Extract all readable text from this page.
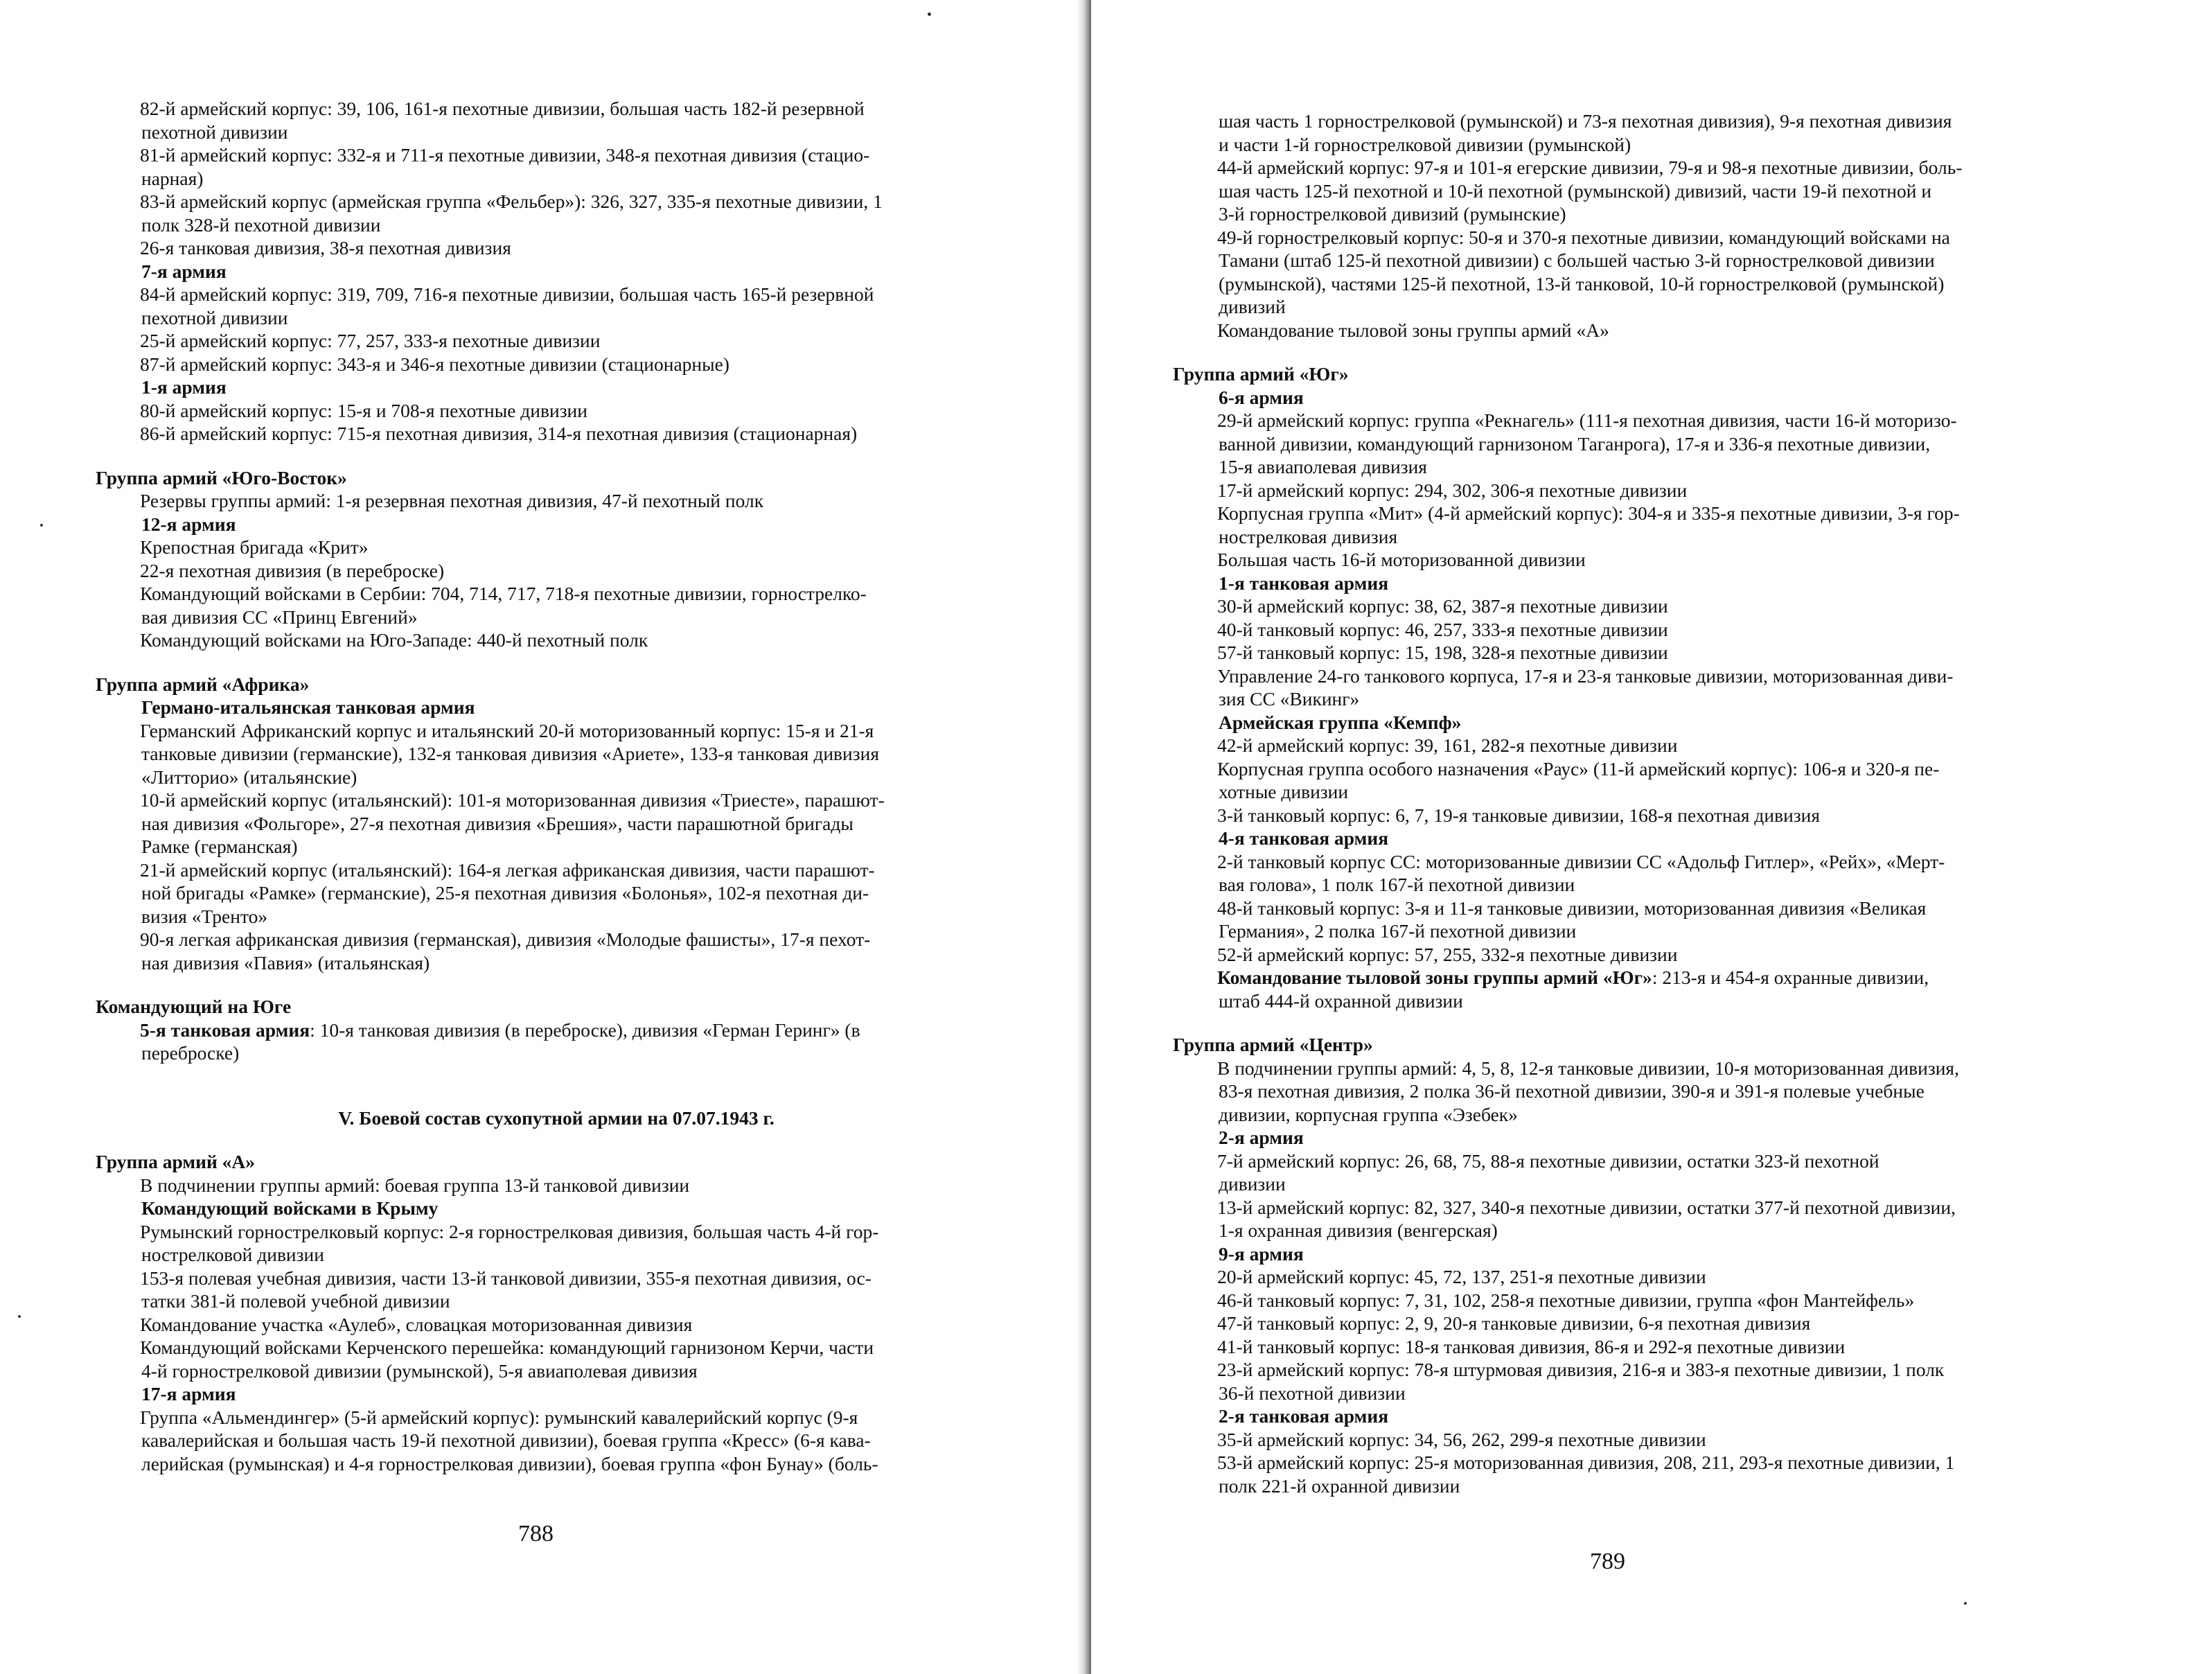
82-й армейский корпус: 39, 106, 161-я пехотные дивизии, большая часть 182-й резервной
пехотной дивизии
81-й армейский корпус: 332-я и 711-я пехотные дивизии, 348-я пехотная дивизия (стацио-
нарная)
83-й армейский корпус (армейская группа «Фельбер»): 326, 327, 335-я пехотные дивизии, 1
полк 328-й пехотной дивизии
26-я танковая дивизия, 38-я пехотная дивизия
7-я армия
84-й армейский корпус: 319, 709, 716-я пехотные дивизии, большая часть 165-й резервной
пехотной дивизии
25-й армейский корпус: 77, 257, 333-я пехотные дивизии
87-й армейский корпус: 343-я и 346-я пехотные дивизии (стационарные)
1-я армия
80-й армейский корпус: 15-я и 708-я пехотные дивизии
86-й армейский корпус: 715-я пехотная дивизия, 314-я пехотная дивизия (стационарная)
Группа армий «Юго-Восток»
Резервы группы армий: 1-я резервная пехотная дивизия, 47-й пехотный полк
12-я армия
Крепостная бригада «Крит»
22-я пехотная дивизия (в переброске)
Командующий войсками в Сербии: 704, 714, 717, 718-я пехотные дивизии, горнострелко-
вая дивизия СС «Принц Евгений»
Командующий войсками на Юго-Западе: 440-й пехотный полк
Группа армий «Африка»
Германо-итальянская танковая армия
Германский Африканский корпус и итальянский 20-й моторизованный корпус: 15-я и 21-я
танковые дивизии (германские), 132-я танковая дивизия «Ариете», 133-я танковая дивизия
«Литторио» (итальянские)
10-й армейский корпус (итальянский): 101-я моторизованная дивизия «Триесте», парашют-
ная дивизия «Фольгоре», 27-я пехотная дивизия «Брешия», части парашютной бригады
Рамке (германская)
21-й армейский корпус (итальянский): 164-я легкая африканская дивизия, части парашют-
ной бригады «Рамке» (германские), 25-я пехотная дивизия «Болонья», 102-я пехотная ди-
визия «Тренто»
90-я легкая африканская дивизия (германская), дивизия «Молодые фашисты», 17-я пехот-
ная дивизия «Павия» (итальянская)
Командующий на Юге
5-я танковая армия: 10-я танковая дивизия (в переброске), дивизия «Герман Геринг» (в
переброске)
V. Боевой состав сухопутной армии на 07.07.1943 г.
Группа армий «А»
В подчинении группы армий: боевая группа 13-й танковой дивизии
Командующий войсками в Крыму
Румынский горнострелковый корпус: 2-я горнострелковая дивизия, большая часть 4-й гор-
нострелковой дивизии
153-я полевая учебная дивизия, части 13-й танковой дивизии, 355-я пехотная дивизия, ос-
татки 381-й полевой учебной дивизии
Командование участка «Аулеб», словацкая моторизованная дивизия
Командующий войсками Керченского перешейка: командующий гарнизоном Керчи, части
4-й горнострелковой дивизии (румынской), 5-я авиаполевая дивизия
17-я армия
Группа «Альмендингер» (5-й армейский корпус): румынский кавалерийский корпус (9-я
кавалерийская и большая часть 19-й пехотной дивизии), боевая группа «Кресс» (6-я кава-
лерийская (румынская) и 4-я горнострелковая дивизии), боевая группа «фон Бунау» (боль-
788
шая часть 1 горнострелковой (румынской) и 73-я пехотная дивизия), 9-я пехотная дивизия
и части 1-й горнострелковой дивизии (румынской)
44-й армейский корпус: 97-я и 101-я егерские дивизии, 79-я и 98-я пехотные дивизии, боль-
шая часть 125-й пехотной и 10-й пехотной (румынской) дивизий, части 19-й пехотной и
3-й горнострелковой дивизий (румынские)
49-й горнострелковый корпус: 50-я и 370-я пехотные дивизии, командующий войсками на
Тамани (штаб 125-й пехотной дивизии) с большей частью 3-й горнострелковой дивизии
(румынской), частями 125-й пехотной, 13-й танковой, 10-й горнострелковой (румынской)
дивизий
Командование тыловой зоны группы армий «А»
Группа армий «Юг»
6-я армия
29-й армейский корпус: группа «Рекнагель» (111-я пехотная дивизия, части 16-й моторизо-
ванной дивизии, командующий гарнизоном Таганрога), 17-я и 336-я пехотные дивизии,
15-я авиаполевая дивизия
17-й армейский корпус: 294, 302, 306-я пехотные дивизии
Корпусная группа «Мит» (4-й армейский корпус): 304-я и 335-я пехотные дивизии, 3-я гор-
нострелковая дивизия
Большая часть 16-й моторизованной дивизии
1-я танковая армия
30-й армейский корпус: 38, 62, 387-я пехотные дивизии
40-й танковый корпус: 46, 257, 333-я пехотные дивизии
57-й танковый корпус: 15, 198, 328-я пехотные дивизии
Управление 24-го танкового корпуса, 17-я и 23-я танковые дивизии, моторизованная диви-
зия СС «Викинг»
Армейская группа «Кемпф»
42-й армейский корпус: 39, 161, 282-я пехотные дивизии
Корпусная группа особого назначения «Раус» (11-й армейский корпус): 106-я и 320-я пе-
хотные дивизии
3-й танковый корпус: 6, 7, 19-я танковые дивизии, 168-я пехотная дивизия
4-я танковая армия
2-й танковый корпус СС: моторизованные дивизии СС «Адольф Гитлер», «Рейх», «Мерт-
вая голова», 1 полк 167-й пехотной дивизии
48-й танковый корпус: 3-я и 11-я танковые дивизии, моторизованная дивизия «Великая
Германия», 2 полка 167-й пехотной дивизии
52-й армейский корпус: 57, 255, 332-я пехотные дивизии
Командование тыловой зоны группы армий «Юг»: 213-я и 454-я охранные дивизии,
штаб 444-й охранной дивизии
Группа армий «Центр»
В подчинении группы армий: 4, 5, 8, 12-я танковые дивизии, 10-я моторизованная дивизия,
83-я пехотная дивизия, 2 полка 36-й пехотной дивизии, 390-я и 391-я полевые учебные
дивизии, корпусная группа «Эзебек»
2-я армия
7-й армейский корпус: 26, 68, 75, 88-я пехотные дивизии, остатки 323-й пехотной
дивизии
13-й армейский корпус: 82, 327, 340-я пехотные дивизии, остатки 377-й пехотной дивизии,
1-я охранная дивизия (венгерская)
9-я армия
20-й армейский корпус: 45, 72, 137, 251-я пехотные дивизии
46-й танковый корпус: 7, 31, 102, 258-я пехотные дивизии, группа «фон Мантейфель»
47-й танковый корпус: 2, 9, 20-я танковые дивизии, 6-я пехотная дивизия
41-й танковый корпус: 18-я танковая дивизия, 86-я и 292-я пехотные дивизии
23-й армейский корпус: 78-я штурмовая дивизия, 216-я и 383-я пехотные дивизии, 1 полк
36-й пехотной дивизии
2-я танковая армия
35-й армейский корпус: 34, 56, 262, 299-я пехотные дивизии
53-й армейский корпус: 25-я моторизованная дивизия, 208, 211, 293-я пехотные дивизии, 1
полк 221-й охранной дивизии
789
